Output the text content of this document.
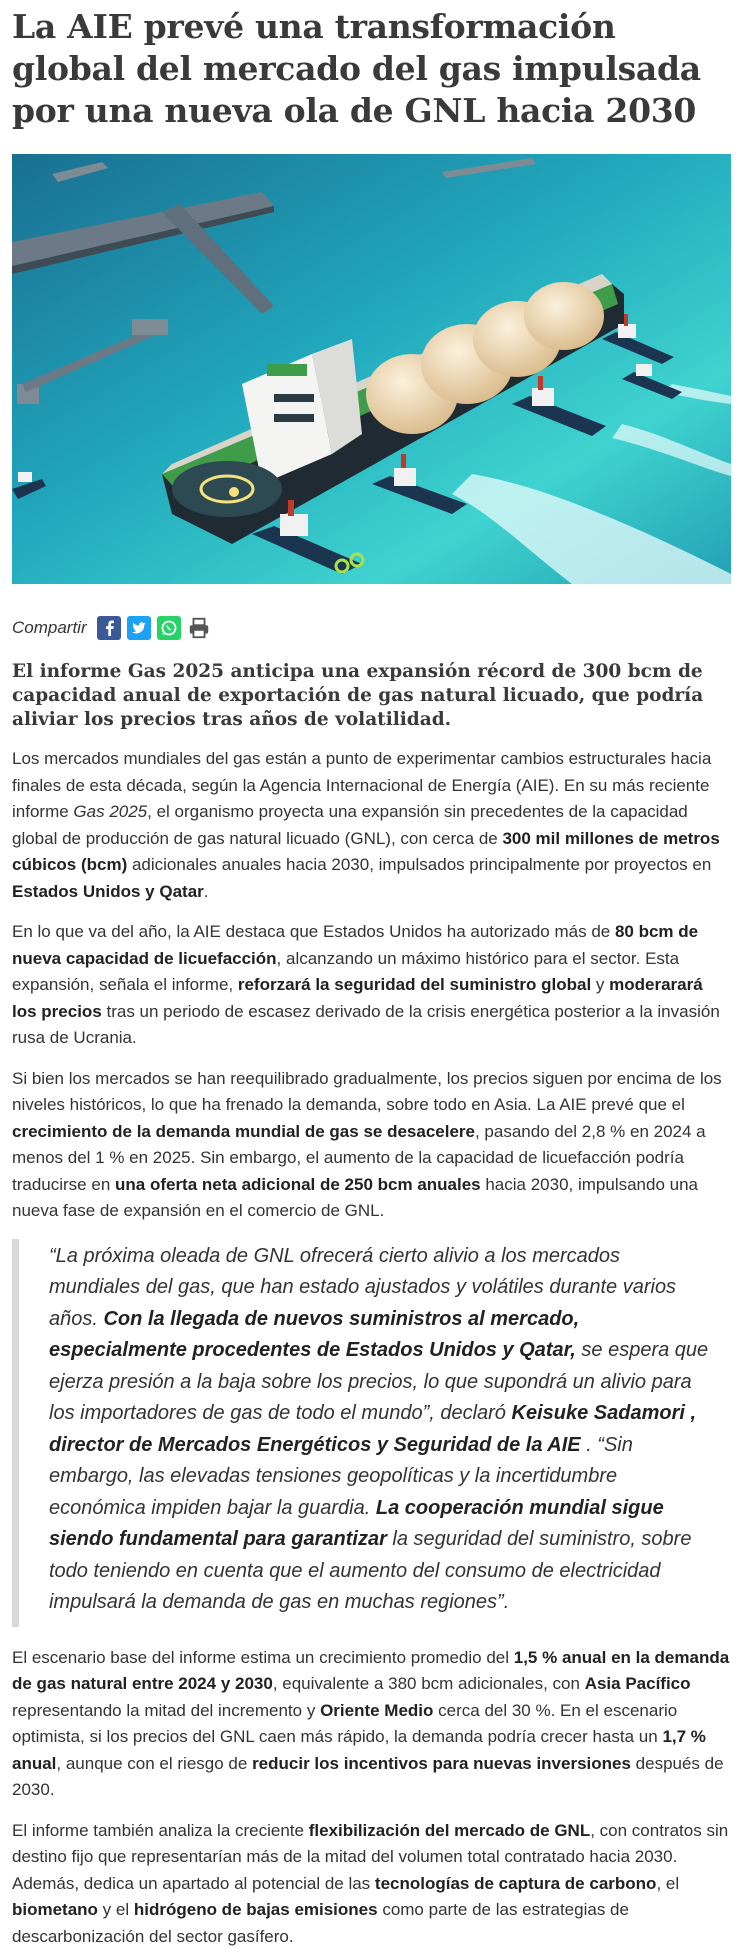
La AIE prevé una transformación global del mercado del gas impulsada por una nueva ola de GNL hacia 2030
Compartir
El informe Gas 2025 anticipa una expansión récord de 300 bcm de capacidad anual de exportación de gas natural licuado, que podría aliviar los precios tras años de volatilidad.

Los mercados mundiales del gas están a punto de experimentar cambios estructurales hacia finales de esta década, según la Agencia Internacional de Energía (AIE). En su más reciente informe Gas 2025, el organismo proyecta una expansión sin precedentes de la capacidad global de producción de gas natural licuado (GNL), con cerca de 300 mil millones de metros cúbicos (bcm) adicionales anuales hacia 2030, impulsados principalmente por proyectos en Estados Unidos y Qatar.

En lo que va del año, la AIE destaca que Estados Unidos ha autorizado más de 80 bcm de nueva capacidad de licuefacción, alcanzando un máximo histórico para el sector. Esta expansión, señala el informe, reforzará la seguridad del suministro global y moderarará los precios tras un periodo de escasez derivado de la crisis energética posterior a la invasión rusa de Ucrania.

Si bien los mercados se han reequilibrado gradualmente, los precios siguen por encima de los niveles históricos, lo que ha frenado la demanda, sobre todo en Asia. La AIE prevé que el crecimiento de la demanda mundial de gas se desacelere, pasando del 2,8 % en 2024 a menos del 1 % en 2025. Sin embargo, el aumento de la capacidad de licuefacción podría traducirse en una oferta neta adicional de 250 bcm anuales hacia 2030, impulsando una nueva fase de expansión en el comercio de GNL.

“La próxima oleada de GNL ofrecerá cierto alivio a los mercados mundiales del gas, que han estado ajustados y volátiles durante varios años. Con la llegada de nuevos suministros al mercado, especialmente procedentes de Estados Unidos y Qatar, se espera que ejerza presión a la baja sobre los precios, lo que supondrá un alivio para los importadores de gas de todo el mundo”, declaró Keisuke Sadamori , director de Mercados Energéticos y Seguridad de la AIE . “Sin embargo, las elevadas tensiones geopolíticas y la incertidumbre económica impiden bajar la guardia. La cooperación mundial sigue siendo fundamental para garantizar la seguridad del suministro, sobre todo teniendo en cuenta que el aumento del consumo de electricidad impulsará la demanda de gas en muchas regiones”.

El escenario base del informe estima un crecimiento promedio del 1,5 % anual en la demanda de gas natural entre 2024 y 2030, equivalente a 380 bcm adicionales, con Asia Pacífico representando la mitad del incremento y Oriente Medio cerca del 30 %. En el escenario optimista, si los precios del GNL caen más rápido, la demanda podría crecer hasta un 1,7 % anual, aunque con el riesgo de reducir los incentivos para nuevas inversiones después de 2030.

El informe también analiza la creciente flexibilización del mercado de GNL, con contratos sin destino fijo que representarían más de la mitad del volumen total contratado hacia 2030. Además, dedica un apartado al potencial de las tecnologías de captura de carbono, el biometano y el hidrógeno de bajas emisiones como parte de las estrategias de descarbonización del sector gasífero.
